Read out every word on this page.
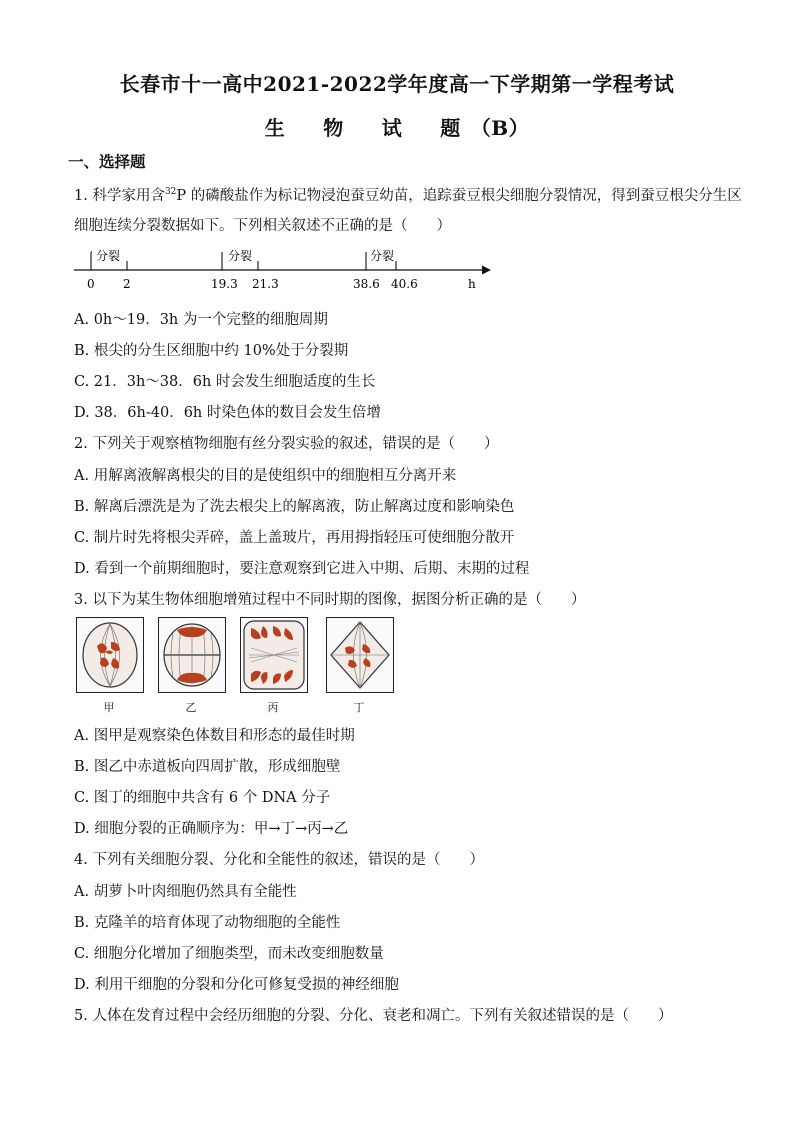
长春市十一高中2021-2022学年度高一下学期第一学程考试
生 物 试 题 （B）
一、选择题
1. 科学家用含$^{32}$P 的磷酸盐作为标记物浸泡蚕豆幼苗，追踪蚕豆根尖细胞分裂情况，得到蚕豆根尖分生区
细胞连续分裂数据如下。下列相关叙述不正确的是（　　）
分裂	分裂	分裂
0 2	19.3 21.3	38.6 40.6	h
A. 0h～19．3h 为一个完整的细胞周期
B. 根尖的分生区细胞中约 10%处于分裂期
C. 21．3h～38．6h 时会发生细胞适度的生长
D. 38．6h-40．6h 时染色体的数目会发生倍增
2. 下列关于观察植物细胞有丝分裂实验的叙述，错误的是（　　）
A. 用解离液解离根尖的目的是使组织中的细胞相互分离开来
B. 解离后漂洗是为了洗去根尖上的解离液，防止解离过度和影响染色
C. 制片时先将根尖弄碎，盖上盖玻片，再用拇指轻压可使细胞分散开
D. 看到一个前期细胞时，要注意观察到它进入中期、后期、末期的过程
3. 以下为某生物体细胞增殖过程中不同时期的图像，据图分析正确的是（　　）
甲	乙	丙	丁
A. 图甲是观察染色体数目和形态的最佳时期
B. 图乙中赤道板向四周扩散，形成细胞壁
C. 图丁的细胞中共含有 6 个 DNA 分子
D. 细胞分裂的正确顺序为：甲→丁→丙→乙
4. 下列有关细胞分裂、分化和全能性的叙述，错误的是（　　）
A. 胡萝卜叶肉细胞仍然具有全能性
B. 克隆羊的培育体现了动物细胞的全能性
C. 细胞分化增加了细胞类型，而未改变细胞数量
D. 利用干细胞的分裂和分化可修复受损的神经细胞
5. 人体在发育过程中会经历细胞的分裂、分化、衰老和凋亡。下列有关叙述错误的是（　　）
